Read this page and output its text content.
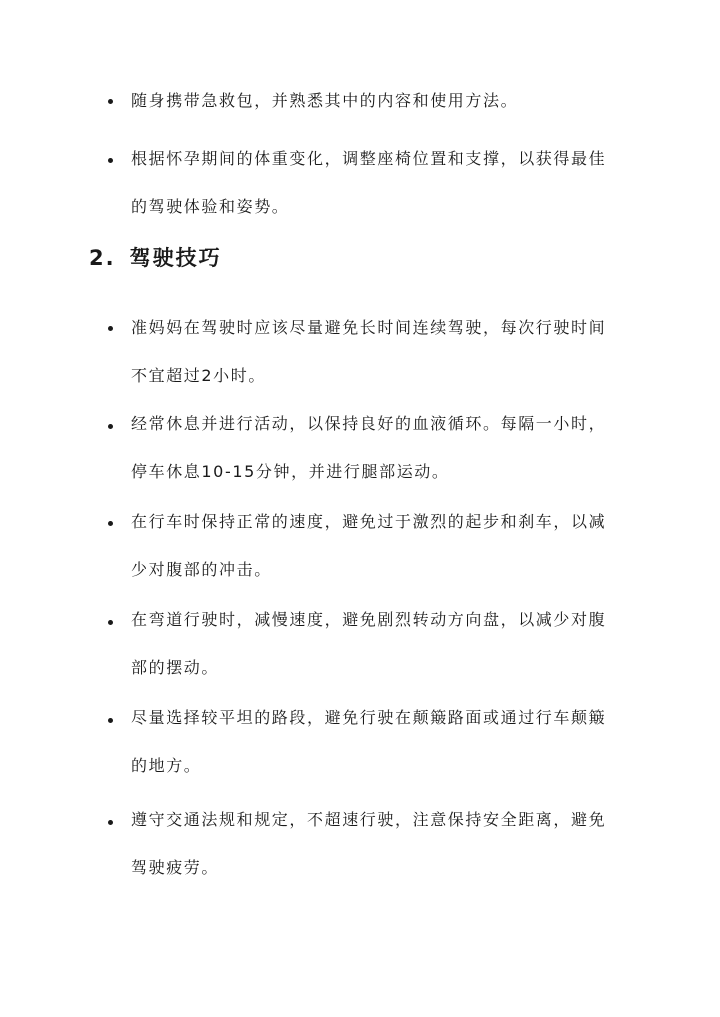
随身携带急救包，并熟悉其中的内容和使用方法。
根据怀孕期间的体重变化，调整座椅位置和支撑，以获得最佳的驾驶体验和姿势。
2. 驾驶技巧
准妈妈在驾驶时应该尽量避免长时间连续驾驶，每次行驶时间不宜超过2小时。
经常休息并进行活动，以保持良好的血液循环。每隔一小时，停车休息10-15分钟，并进行腿部运动。
在行车时保持正常的速度，避免过于激烈的起步和刹车，以减少对腹部的冲击。
在弯道行驶时，减慢速度，避免剧烈转动方向盘，以减少对腹部的摆动。
尽量选择较平坦的路段，避免行驶在颠簸路面或通过行车颠簸的地方。
遵守交通法规和规定，不超速行驶，注意保持安全距离，避免驾驶疲劳。
